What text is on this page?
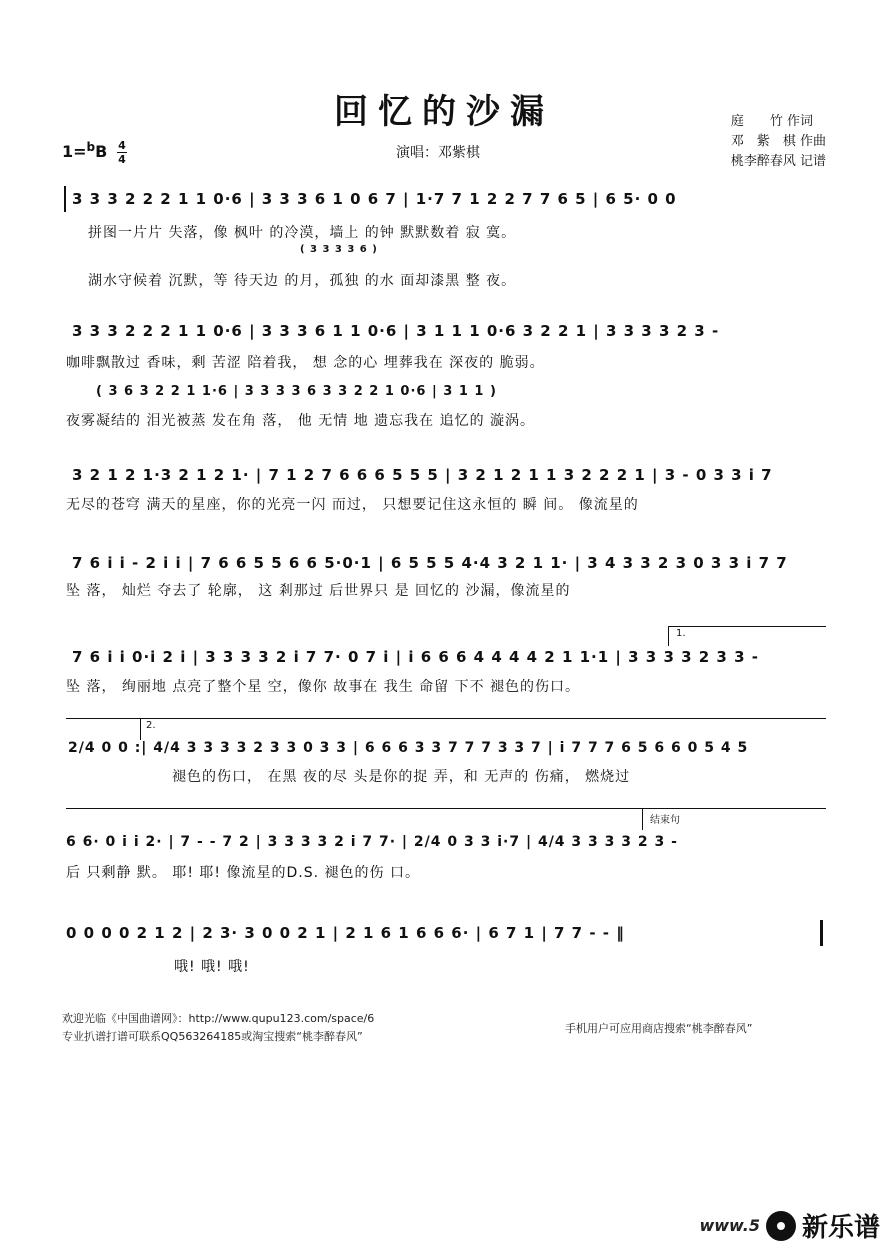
回忆的沙漏	庭　　竹 作词
邓　紫　棋 作曲
桃李醉春风 记谱
$1=^bB \frac{4}{4}$	演唱：邓紫棋
3 3 3 2 2 2 1 1 0·6 | 3 3 3 6 1 0 6 7 | 1·7 7 1 2 2 7 7 6 5 | 6 5· 0 0
拼图一片片 失落，像 枫叶 的冷漠，墙上 的钟 默默数着 寂 寞。
( 3 3 3 3 6 )
湖水守候着 沉默，等 待天边 的月，孤独 的水 面却漆黑 整 夜。
3 3 3 2 2 2 1 1 0·6 | 3 3 3 6 1 1 0·6 | 3 1 1 1 0·6 3 2 2 1 | 3 3 3 3 2 3 -
咖啡飘散过 香味，剩 苦涩 陪着我， 想 念的心 埋葬我在 深夜的 脆弱。
( 3 6 3 2 2 1 1·6 | 3 3 3 3 6 3 3 2 2 1 0·6 | 3 1 1 )
夜雾凝结的 泪光被蒸 发在角 落， 他 无情 地 遗忘我在 追忆的 漩涡。
3 2 1 2 1·3 2 1 2 1· | 7 1 2 7 6 6 6 5 5 5 | 3 2 1 2 1 1 3 2 2 2 1 | 3 - 0 3 3 i 7
无尽的苍穹 满天的星座，你的光亮一闪 而过， 只想要记住这永恒的 瞬 间。 像流星的
7 6 i i - 2 i i | 7 6 6 5 5 6 6 5·0·1 | 6 5 5 5 4·4 3 2 1 1· | 3 4 3 3 2 3 0 3 3 i 7 7
坠 落， 灿烂 夺去了 轮廓， 这 剎那过 后世界只 是 回忆的 沙漏，像流星的
1.
7 6 i i 0·i 2 i | 3 3 3 3 2 i 7 7· 0 7 i | i 6 6 6 4 4 4 4 2 1 1·1 | 3 3 3 3 2 3 3 -
坠 落， 绚丽地 点亮了整个星 空，像你 故事在 我生 命留 下不 褪色的伤口。
2.
2/4 0 0 :| 4/4 3 3 3 3 2 3 3 0 3 3 | 6 6 6 3 3 7 7 7 3 3 7 | i 7 7 7 6 5 6 6 0 5 4 5
褪色的伤口， 在黑 夜的尽 头是你的捉 弄，和 无声的 伤痛， 燃烧过
结束句
6 6· 0 i i 2· | 7 - - 7 2 | 3 3 3 3 2 i 7 7· | 2/4 0 3 3 i·7 | 4/4 3 3 3 3 2 3 -
后 只剩静 默。 耶! 耶! 像流星的D.S. 褪色的伤 口。
0 0 0 0 2 1 2 | 2 3· 3 0 0 2 1 | 2 1 6 1 6 6 6· | 6 7 1 | 7 7 - - ‖
哦! 哦! 哦!
欢迎光临《中国曲谱网》：http://www.qupu123.com/space/6
专业扒谱打谱可联系QQ563264185或淘宝搜索“桃李醉春风”
手机用户可应用商店搜索“桃李醉春风”
www.5 新乐谱
